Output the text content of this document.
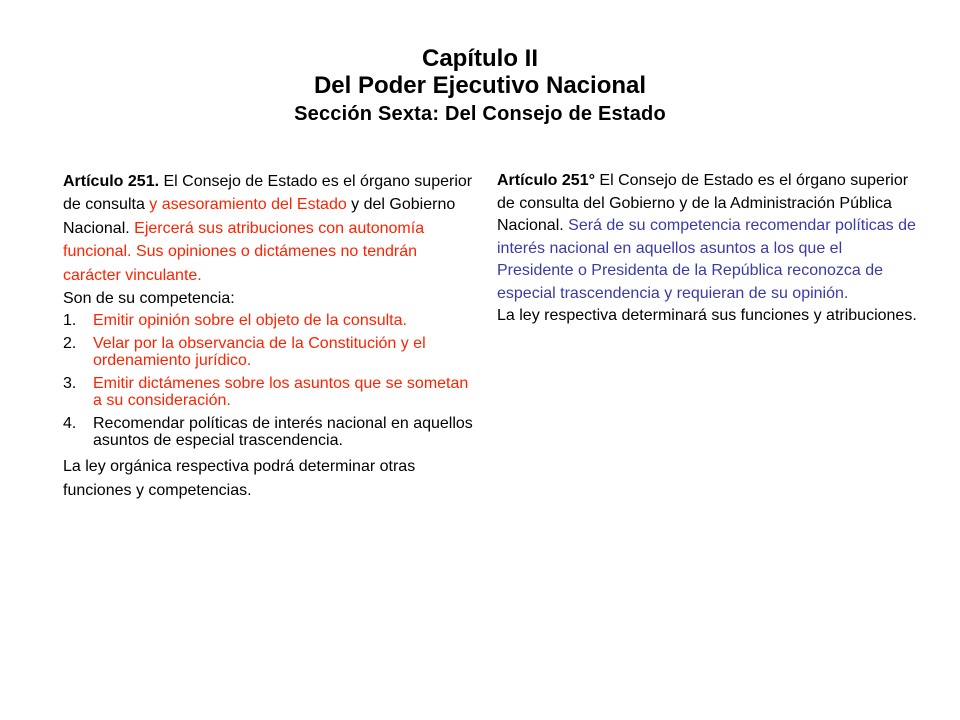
Capítulo II
Del Poder Ejecutivo Nacional
Sección Sexta: Del Consejo de Estado
Artículo 251. El Consejo de Estado es el órgano superior de consulta y asesoramiento del Estado y del Gobierno Nacional. Ejercerá sus atribuciones con autonomía funcional. Sus opiniones o dictámenes no tendrán carácter vinculante.
Son de su competencia:
1.	Emitir opinión sobre el objeto de la consulta.
2.	Velar por la observancia de la Constitución y el ordenamiento jurídico.
3.	Emitir dictámenes sobre los asuntos que se sometan a su consideración.
4.	Recomendar políticas de interés nacional en aquellos asuntos de especial trascendencia.
La ley orgánica respectiva podrá determinar otras funciones y competencias.
Artículo 251° El Consejo de Estado es el órgano superior de consulta del Gobierno y de la Administración Pública Nacional. Será de su competencia recomendar políticas de interés nacional en aquellos asuntos a los que el Presidente o Presidenta de la República reconozca de especial trascendencia y requieran de su opinión.
La ley respectiva determinará sus funciones y atribuciones.
